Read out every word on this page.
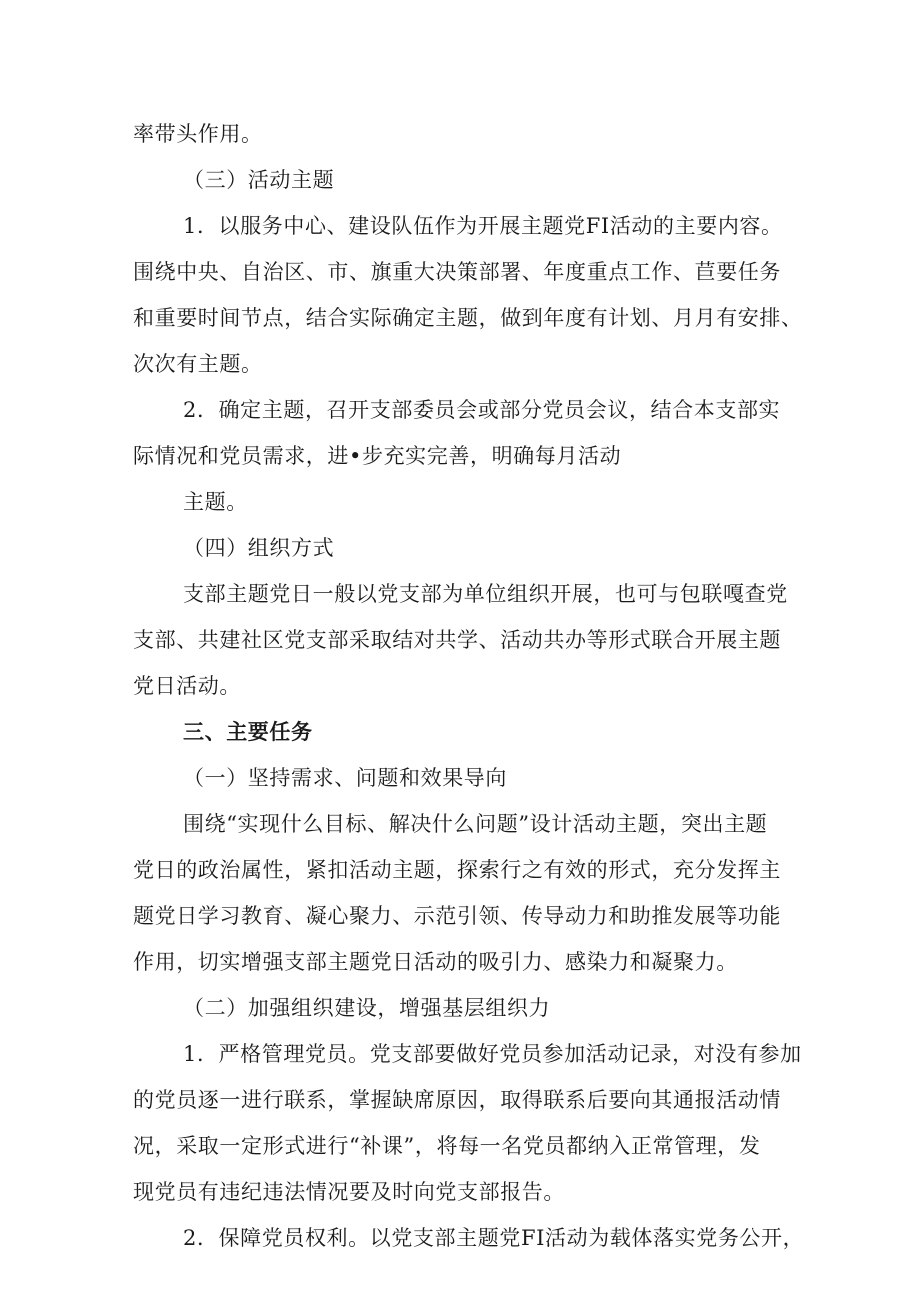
率带头作用。
（三）活动主题
1．以服务中心、建设队伍作为开展主题党FI活动的主要内容。
围绕中央、自治区、市、旗重大决策部署、年度重点工作、苣要任务
和重要时间节点，结合实际确定主题，做到年度有计划、月月有安排、
次次有主题。
2．确定主题，召开支部委员会或部分党员会议，结合本支部实
际情况和党员需求，进•步充实完善，明确每月活动
主题。
（四）组织方式
支部主题党日一般以党支部为单位组织开展，也可与包联嘎查党
支部、共建社区党支部采取结对共学、活动共办等形式联合开展主题
党日活动。
三、主要任务
（一）坚持需求、问题和效果导向
围绕“实现什么目标、解决什么问题”设计活动主题，突出主题
党日的政治属性，紧扣活动主题，探索行之有效的形式，充分发挥主
题党日学习教育、凝心聚力、示范引领、传导动力和助推发展等功能
作用，切实增强支部主题党日活动的吸引力、感染力和凝聚力。
（二）加强组织建设，增强基层组织力
1．严格管理党员。党支部要做好党员参加活动记录，对没有参加
的党员逐一进行联系，掌握缺席原因，取得联系后要向其通报活动情
况，采取一定形式进行“补课”，将每一名党员都纳入正常管理，发
现党员有违纪违法情况要及时向党支部报告。
2．保障党员权利。以党支部主题党FI活动为载体落实党务公开，
